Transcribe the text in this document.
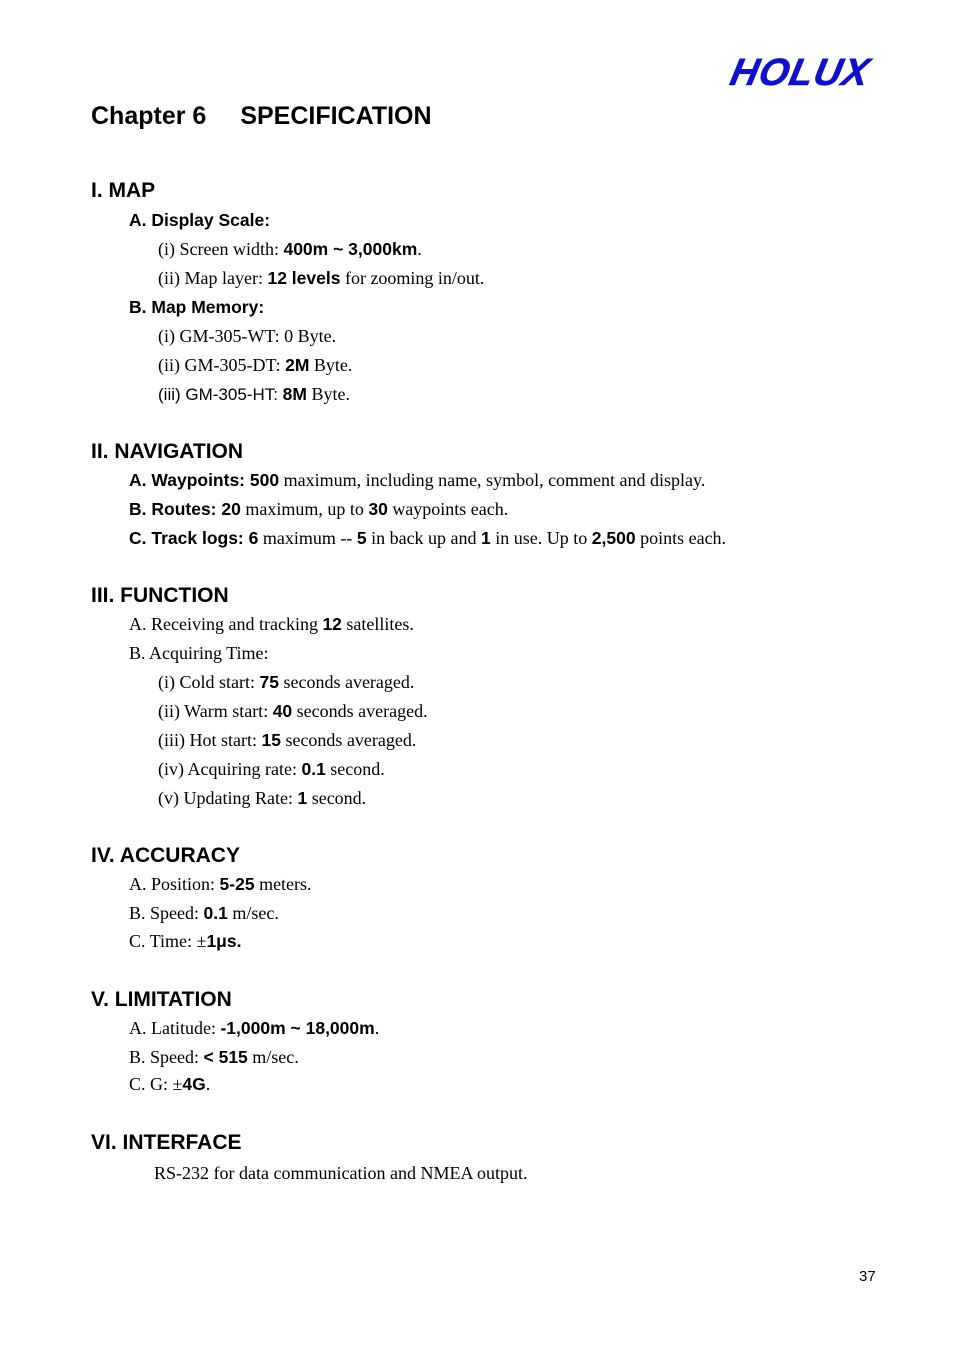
HOLUX
Chapter 6 SPECIFICATION
I. MAP
A. Display Scale:
(i) Screen width: 400m ~ 3,000km.
(ii) Map layer: 12 levels for zooming in/out.
B. Map Memory:
(i) GM-305-WT: 0 Byte.
(ii) GM-305-DT: 2M Byte.
(iii) GM-305-HT: 8M Byte.
II. NAVIGATION
A. Waypoints: 500 maximum, including name, symbol, comment and display.
B. Routes: 20 maximum, up to 30 waypoints each.
C. Track logs: 6 maximum -- 5 in back up and 1 in use. Up to 2,500 points each.
III. FUNCTION
A. Receiving and tracking 12 satellites.
B. Acquiring Time:
(i) Cold start: 75 seconds averaged.
(ii) Warm start: 40 seconds averaged.
(iii) Hot start: 15 seconds averaged.
(iv) Acquiring rate: 0.1 second.
(v) Updating Rate: 1 second.
IV. ACCURACY
A. Position: 5-25 meters.
B. Speed: 0.1 m/sec.
C. Time: ±1μs.
V. LIMITATION
A. Latitude: -1,000m ~ 18,000m.
B. Speed: < 515 m/sec.
C. G: ±4G.
VI. INTERFACE
RS-232 for data communication and NMEA output.
37
